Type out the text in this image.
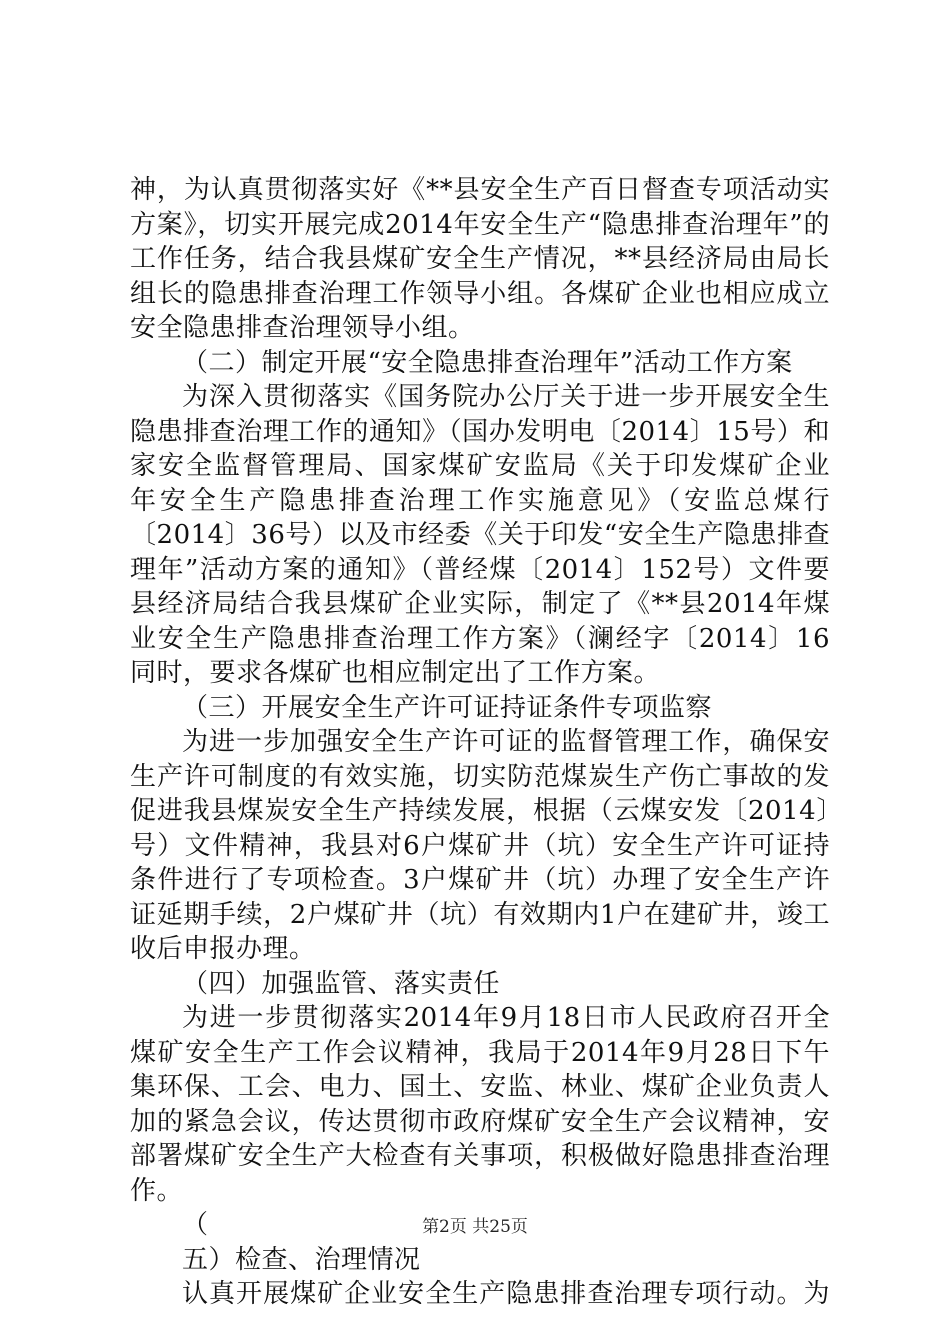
神，为认真贯彻落实好《**县安全生产百日督查专项活动实
方案》，切实开展完成2014年安全生产“隐患排查治理年”的
工作任务，结合我县煤矿安全生产情况，**县经济局由局长
组长的隐患排查治理工作领导小组。各煤矿企业也相应成立
安全隐患排查治理领导小组。
（二）制定开展“安全隐患排查治理年”活动工作方案
为深入贯彻落实《国务院办公厅关于进一步开展安全生
隐患排查治理工作的通知》（国办发明电〔2014〕15号）和
家安全监督管理局、国家煤矿安监局《关于印发煤矿企业
年安全生产隐患排查治理工作实施意见》（安监总煤行
〔2014〕36号）以及市经委《关于印发“安全生产隐患排查
理年”活动方案的通知》（普经煤〔2014〕152号）文件要
县经济局结合我县煤矿企业实际，制定了《**县2014年煤
业安全生产隐患排查治理工作方案》（澜经字〔2014〕16
同时，要求各煤矿也相应制定出了工作方案。
（三）开展安全生产许可证持证条件专项监察
为进一步加强安全生产许可证的监督管理工作，确保安
生产许可制度的有效实施，切实防范煤炭生产伤亡事故的发
促进我县煤炭安全生产持续发展，根据（云煤安发〔2014〕
号）文件精神，我县对6户煤矿井（坑）安全生产许可证持
条件进行了专项检查。3户煤矿井（坑）办理了安全生产许
证延期手续，2户煤矿井（坑）有效期内1户在建矿井，竣工
收后申报办理。
（四）加强监管、落实责任
为进一步贯彻落实2014年9月18日市人民政府召开全
煤矿安全生产工作会议精神，我局于2014年9月28日下午
集环保、工会、电力、国土、安监、林业、煤矿企业负责人
加的紧急会议，传达贯彻市政府煤矿安全生产会议精神，安
部署煤矿安全生产大检查有关事项，积极做好隐患排查治理
作。
（
五）检查、治理情况
认真开展煤矿企业安全生产隐患排查治理专项行动。为
第2页 共25页
